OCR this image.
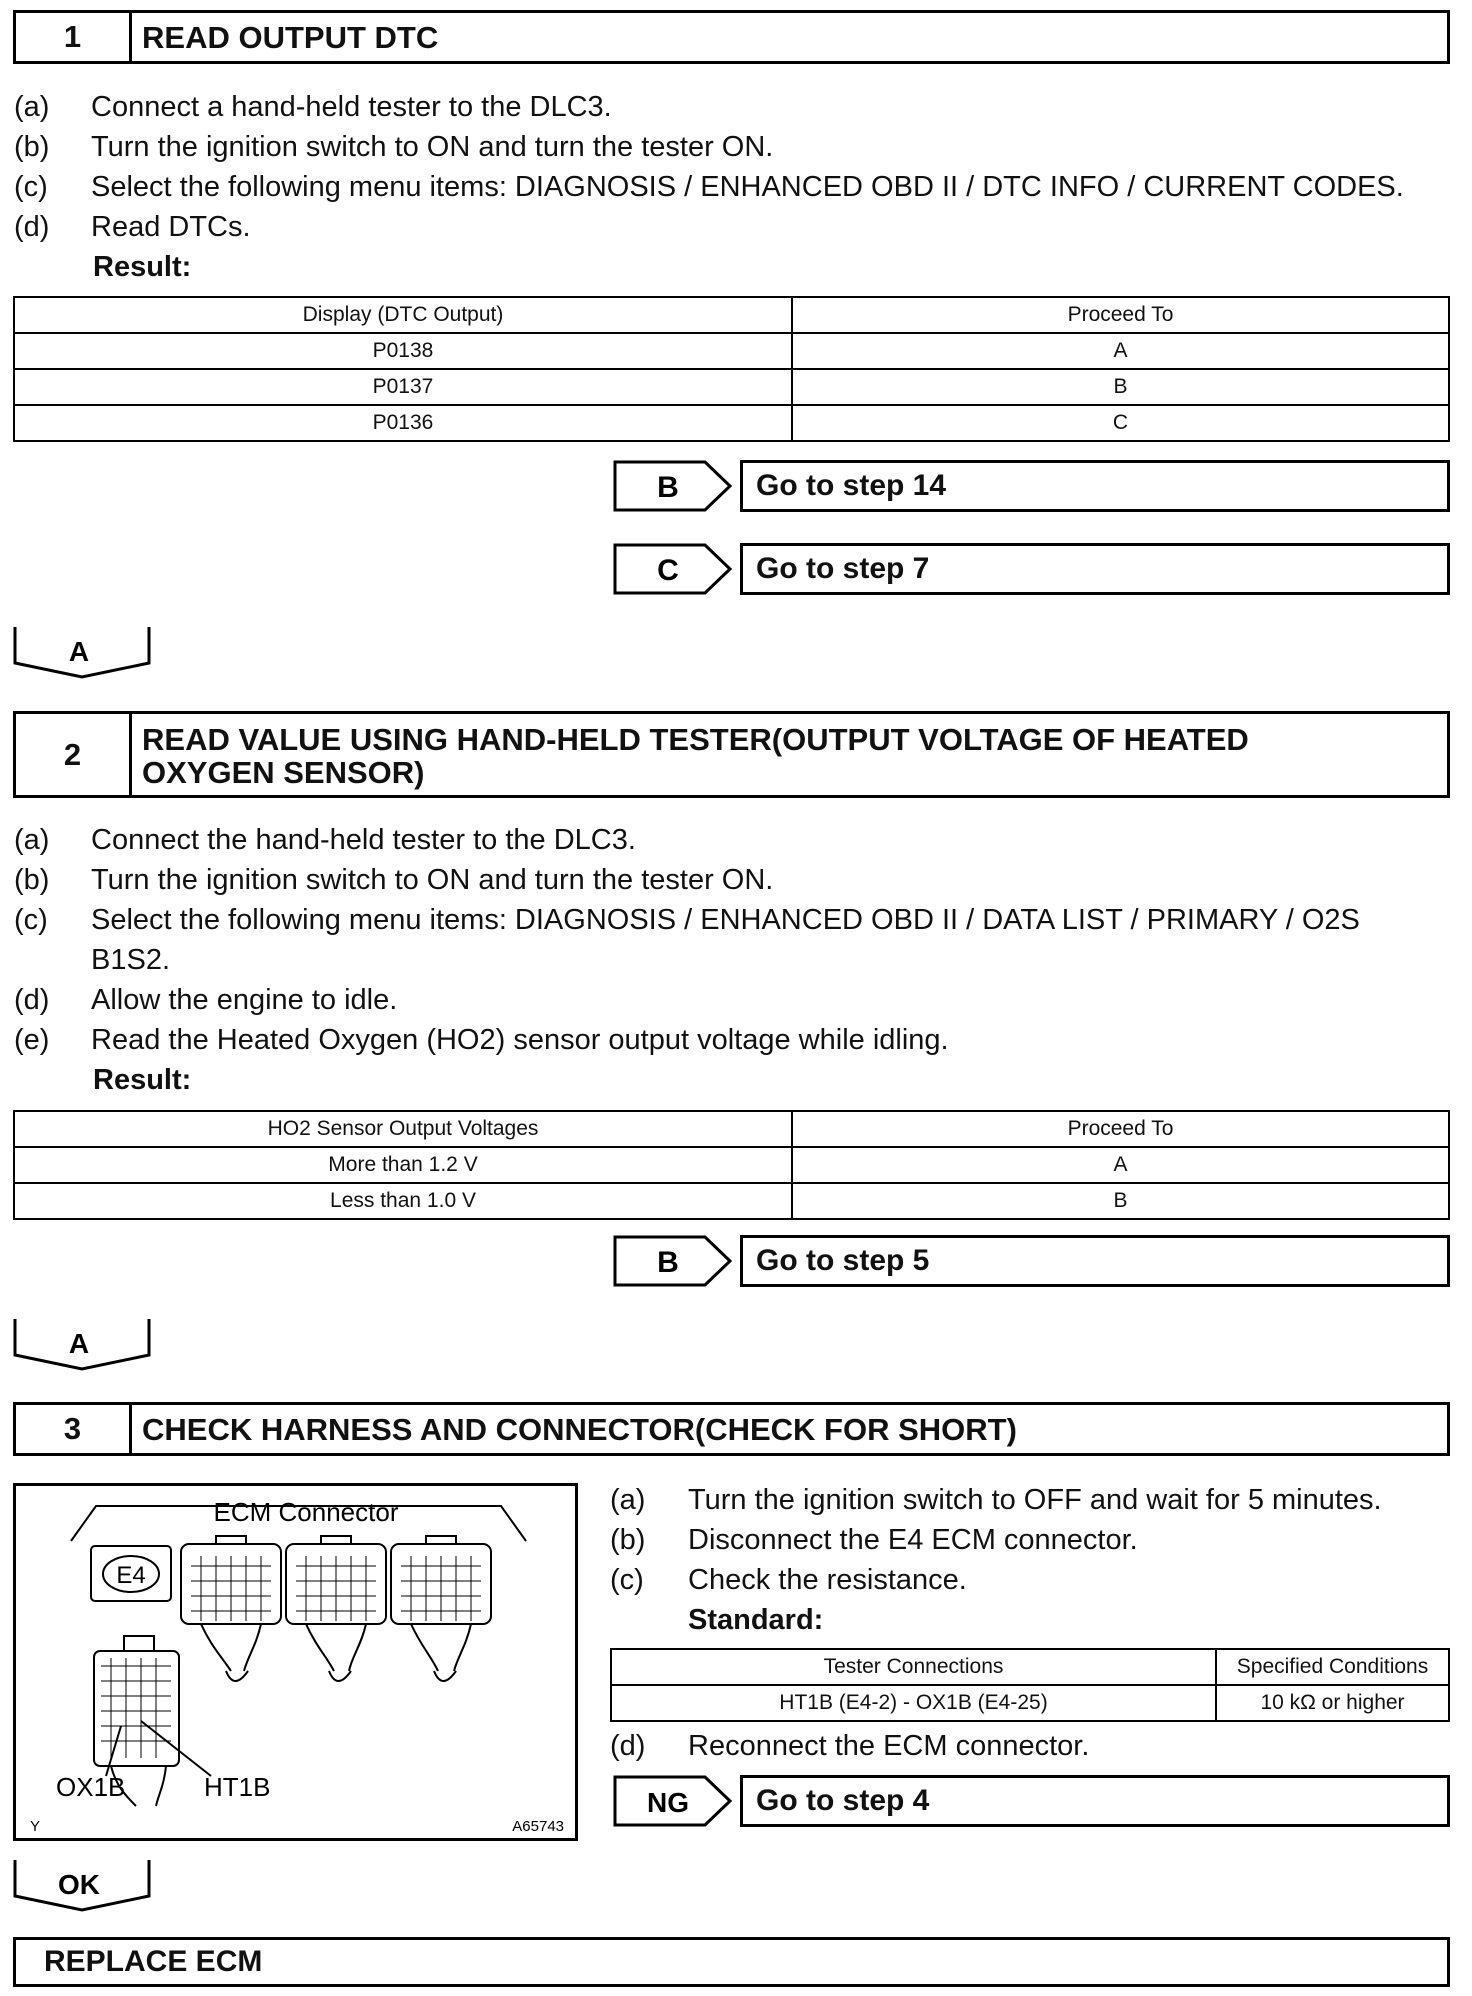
1	READ OUTPUT DTC
(a) Connect a hand-held tester to the DLC3.
(b) Turn the ignition switch to ON and turn the tester ON.
(c) Select the following menu items: DIAGNOSIS / ENHANCED OBD II / DTC INFO / CURRENT CODES.
(d) Read DTCs.
Result:
Display (DTC Output)	Proceed To
P0138	A
P0137	B
P0136	C
B	Go to step 14
C	Go to step 7
A
2	READ VALUE USING HAND-HELD TESTER(OUTPUT VOLTAGE OF HEATED
OXYGEN SENSOR)
(a) Connect the hand-held tester to the DLC3.
(b) Turn the ignition switch to ON and turn the tester ON.
(c) Select the following menu items: DIAGNOSIS / ENHANCED OBD II / DATA LIST / PRIMARY / O2S
B1S2.
(d) Allow the engine to idle.
(e) Read the Heated Oxygen (HO2) sensor output voltage while idling.
Result:
HO2 Sensor Output Voltages	Proceed To
More than 1.2 V	A
Less than 1.0 V	B
B	Go to step 5
A
3	CHECK HARNESS AND CONNECTOR(CHECK FOR SHORT)
ECM Connector
E4
OX1B	HT1B
Y	A65743
(a) Turn the ignition switch to OFF and wait for 5 minutes.
(b) Disconnect the E4 ECM connector.
(c) Check the resistance.
Standard:
Tester Connections	Specified Conditions
HT1B (E4-2) - OX1B (E4-25)	10 kΩ or higher
(d) Reconnect the ECM connector.
NG	Go to step 4
OK
REPLACE ECM
